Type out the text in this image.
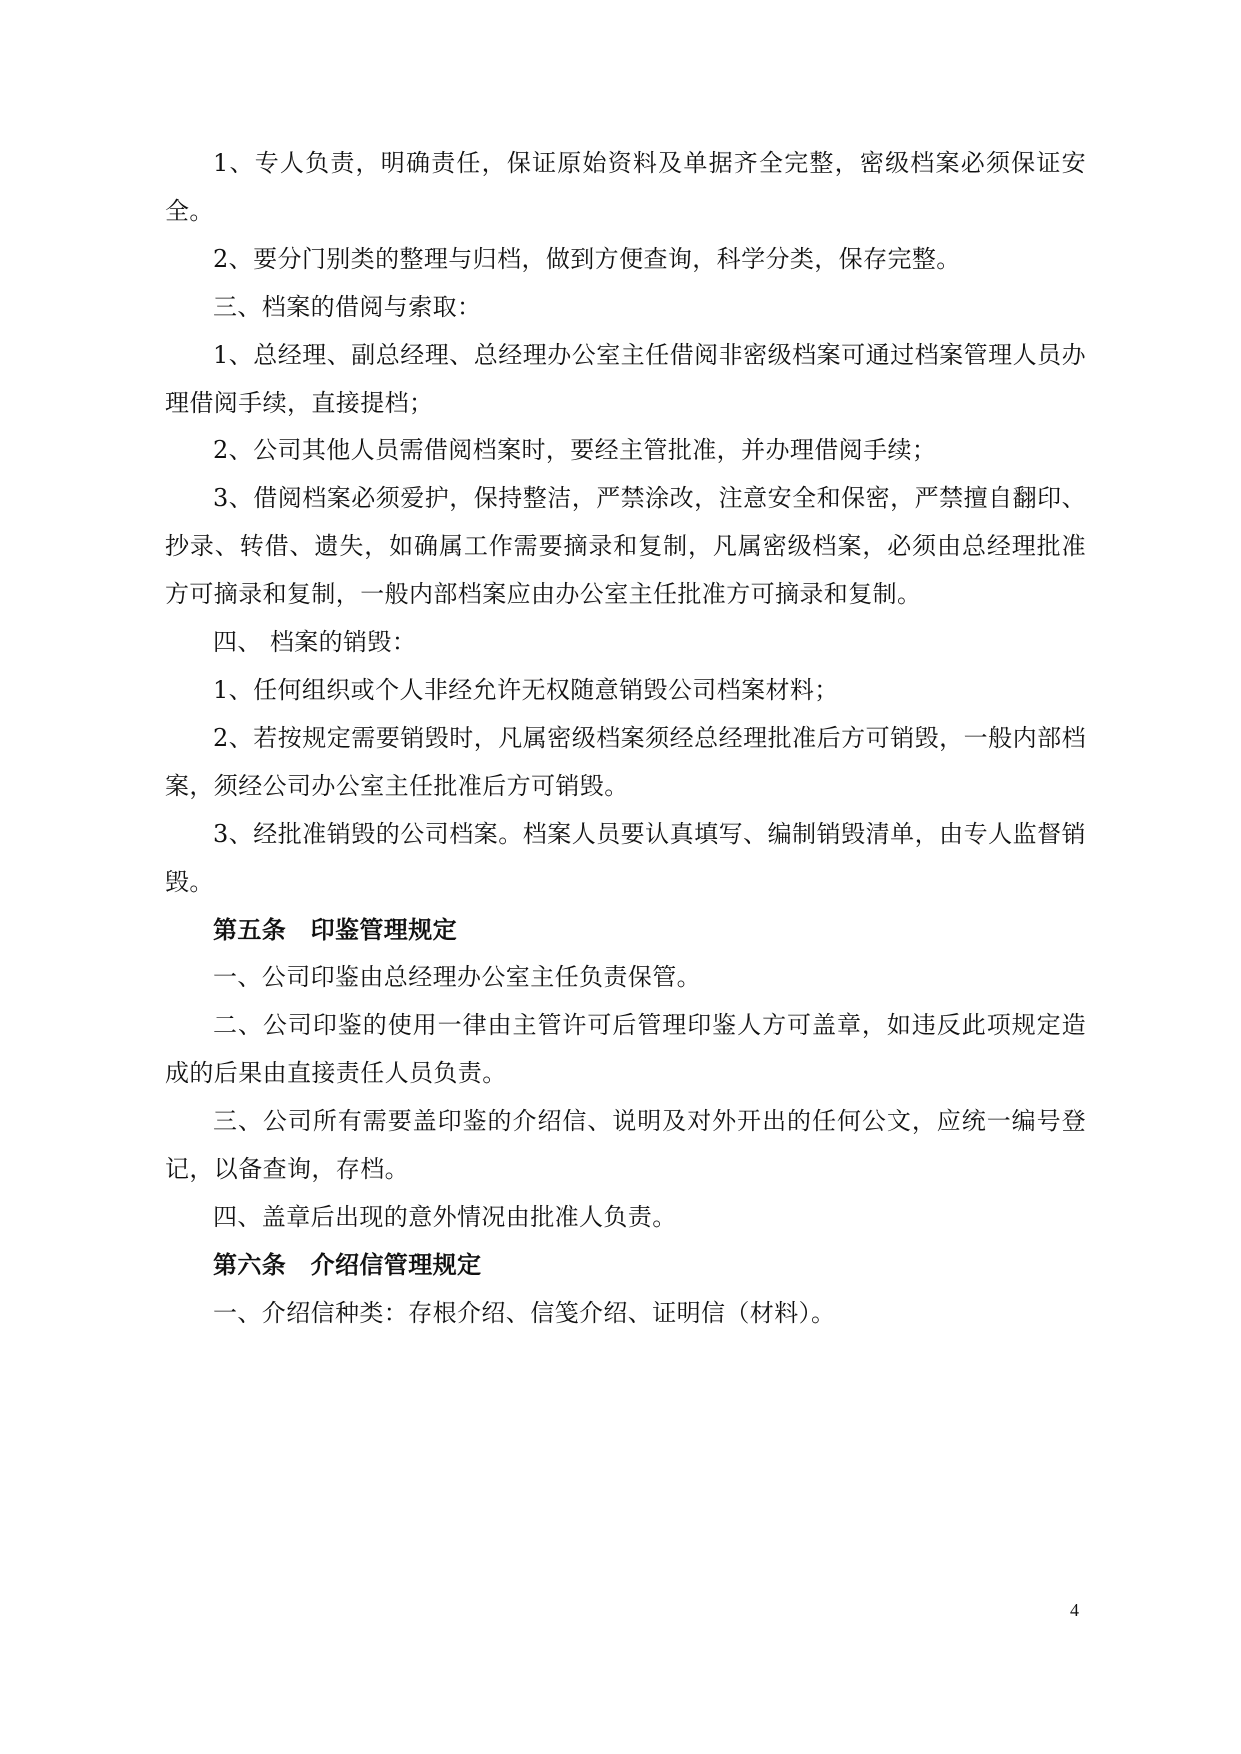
1、专人负责，明确责任，保证原始资料及单据齐全完整，密级档案必须保证安全。

2、要分门别类的整理与归档，做到方便查询，科学分类，保存完整。

三、档案的借阅与索取：

1、总经理、副总经理、总经理办公室主任借阅非密级档案可通过档案管理人员办理借阅手续，直接提档；

2、公司其他人员需借阅档案时，要经主管批准，并办理借阅手续；

3、借阅档案必须爱护，保持整洁，严禁涂改，注意安全和保密，严禁擅自翻印、抄录、转借、遗失，如确属工作需要摘录和复制，凡属密级档案，必须由总经理批准方可摘录和复制，一般内部档案应由办公室主任批准方可摘录和复制。

四、 档案的销毁：

1、任何组织或个人非经允许无权随意销毁公司档案材料；

2、若按规定需要销毁时，凡属密级档案须经总经理批准后方可销毁，一般内部档案，须经公司办公室主任批准后方可销毁。

3、经批准销毁的公司档案。档案人员要认真填写、编制销毁清单，由专人监督销毁。

第五条　印鉴管理规定

一、公司印鉴由总经理办公室主任负责保管。

二、公司印鉴的使用一律由主管许可后管理印鉴人方可盖章，如违反此项规定造成的后果由直接责任人员负责。

三、公司所有需要盖印鉴的介绍信、说明及对外开出的任何公文，应统一编号登记，以备查询，存档。

四、盖章后出现的意外情况由批准人负责。

第六条　介绍信管理规定

一、介绍信种类：存根介绍、信笺介绍、证明信（材料）。

4
